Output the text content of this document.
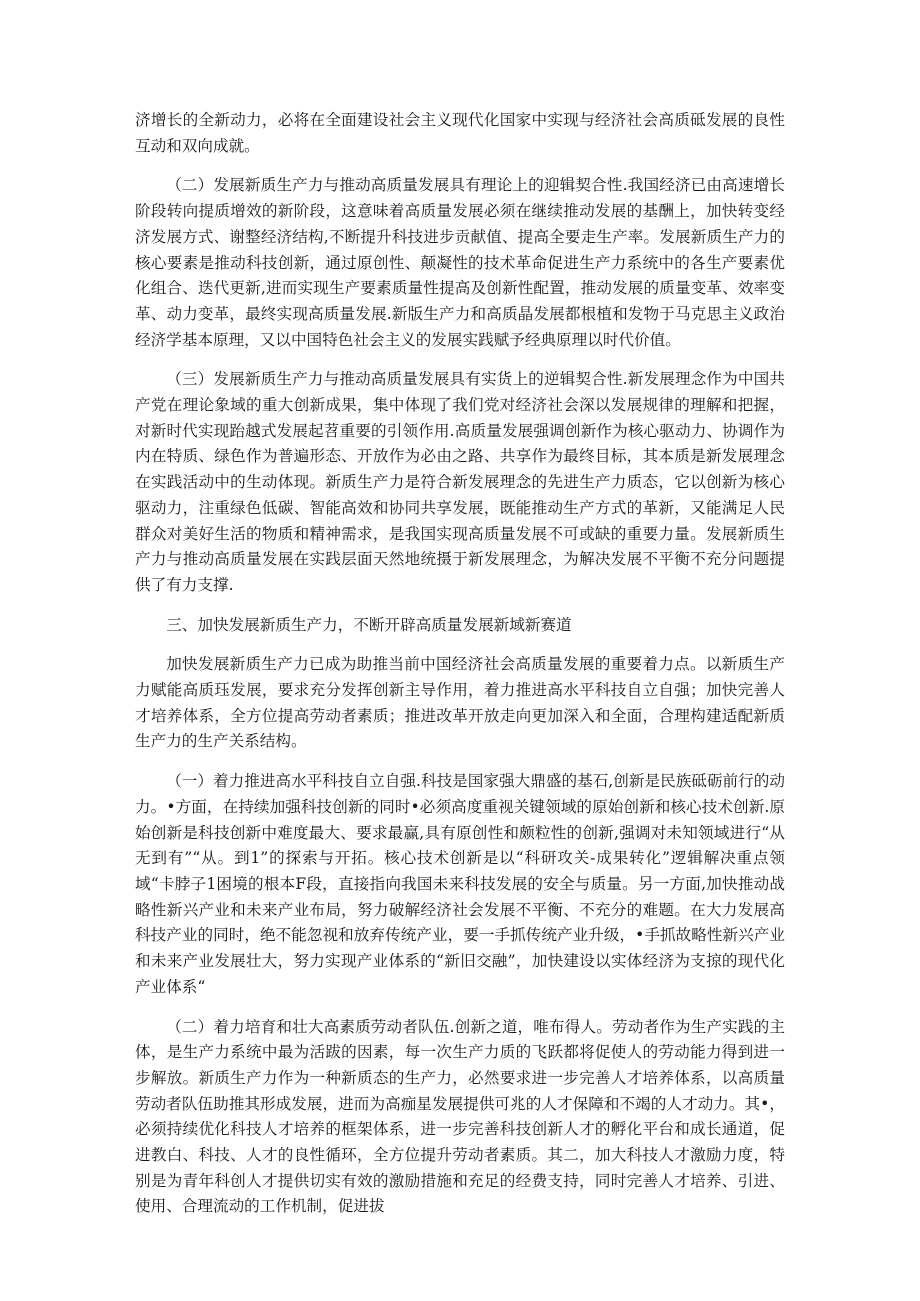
济增长的全新动力，必将在全面建设社会主义现代化国家中实现与经济社会高质砥发展的良性互动和双向成就。

（二）发展新质生产力与推动高质量发展具有理论上的迎辑契合性.我国经济已由高速增长阶段转向提质增效的新阶段，这意味着高质量发展必须在继续推动发展的基酬上，加快转变经济发展方式、谢整经济结构,不断提升科技进步贡献值、提高全要走生产率。发展新质生产力的核心要素是推动科技创新，通过原创性、颠凝性的技术革命促进生产力系统中的各生产要素优化组合、迭代更新,进而实现生产要素质量性提高及创新性配置，推动发展的质量变革、效率变革、动力变革，最终实现高质量发展.新版生产力和高质晶发展都根植和发物于马克思主义政治经济学基本原理，又以中国特色社会主义的发展实践赋予经典原理以时代价值。

（三）发展新质生产力与推动高质量发展具有实货上的逆辑契合性.新发展理念作为中国共产党在理论象域的重大创新成果，集中体现了我们党对经济社会深以发展规律的理解和把握，对新时代实现跆越式发展起苕重要的引领作用.高质量发展强调创新作为核心驱动力、协调作为内在特质、绿色作为普遍形态、开放作为必由之路、共享作为最终目标，其本质是新发展理念在实践活动中的生动体现。新质生产力是符合新发展理念的先进生产力质态，它以创新为核心驱动力，注重绿色低碳、智能高效和协同共享发展，既能推动生产方式的革新，又能满足人民群众对美好生活的物质和精神需求，是我国实现高质量发展不可或缺的重要力量。发展新质生产力与推动高质量发展在实践层面天然地统摄于新发展理念，为解决发展不平衡不充分问题提供了有力支撑.

三、加快发展新质生产力，不断开辟高质量发展新域新赛道

加快发展新质生产力已成为助推当前中国经济社会高质量发展的重要着力点。以新质生产力赋能高质珏发展，要求充分发挥创新主导作用，着力推进高水平科技自立自强；加快完善人才培养体系，全方位提高劳动者素质；推进改革开放走向更加深入和全面，合理构建适配新质生产力的生产关系结构。

（一）着力推进高水平科技自立自强.科技是国家强大鼎盛的基石,创新是民族砥砺前行的动力。•方面，在持续加强科技创新的同时•必须高度重视关键领域的原始创新和核心技术创新.原始创新是科技创新中难度最大、要求最赢,具有原创性和颇粒性的创新,强调对未知领域进行“从无到有”“从。到1”的探索与开拓。核心技术创新是以“科研攻关-成果转化”逻辑解决重点领域“卡脖子1困境的根本F段，直接指向我国未来科技发展的安全与质量。另一方面,加快推动战略性新兴产业和未来产业布局，努力破解经济社会发展不平衡、不充分的难题。在大力发展高科技产业的同时，绝不能忽视和放弃传统产业，要一手抓传统产业升级，•手抓故略性新兴产业和未来产业发展壮大，努力实现产业体系的“新旧交融”，加快建设以实体经济为支掠的现代化产业体系“

（二）着力培育和壮大高素质劳动者队伍.创新之道，唯布得人。劳动者作为生产实践的主体，是生产力系统中最为活跋的因素，每一次生产力质的飞跃都将促使人的劳动能力得到进一步解放。新质生产力作为一种新质态的生产力，必然要求进一步完善人才培养体系，以高质量劳动者队伍助推其形成发展，进而为高痂星发展提供可兆的人才保障和不竭的人才动力。其•，必须持续优化科技人才培养的框架体系，进一步完善科技创新人才的孵化平台和成长通道，促进教白、科技、人才的良性循环，全方位提升劳动者素质。其二，加大科技人才激励力度，特别是为青年科创人才提供切实有效的激励措施和充足的经费支持，同时完善人才培养、引进、使用、合理流动的工作机制，促进拔
